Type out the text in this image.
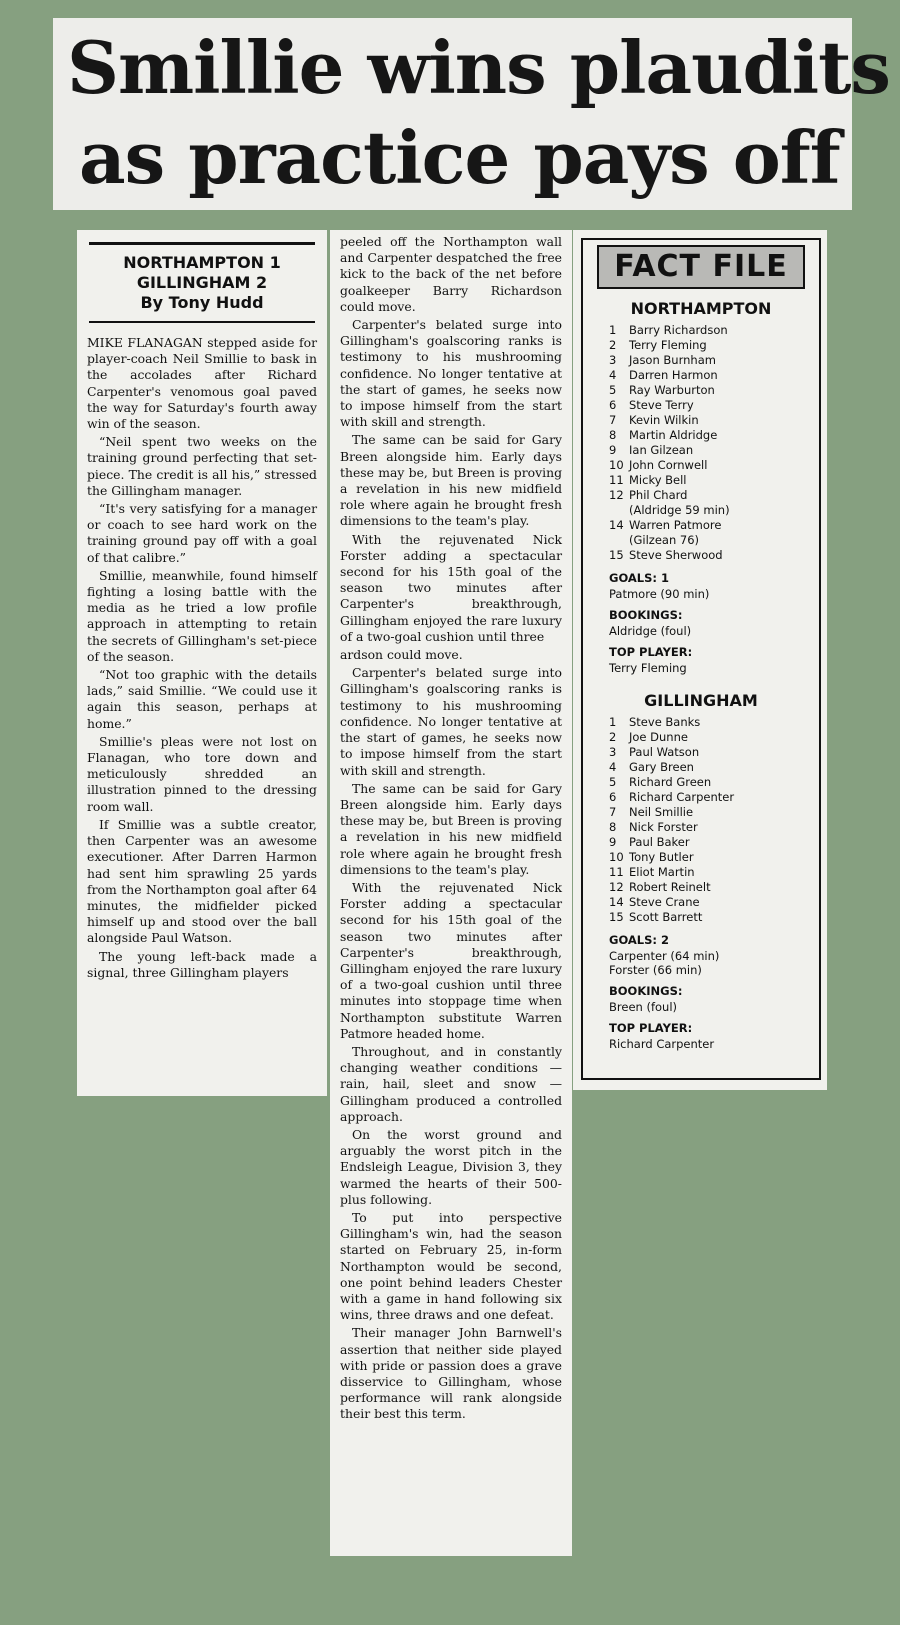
Smillie wins plaudits
as practice pays off
NORTHAMPTON 1
GILLINGHAM 2
By Tony Hudd

MIKE FLANAGAN stepped aside for player-coach Neil Smillie to bask in the accolades after Richard Carpenter's venomous goal paved the way for Saturday's fourth away win of the season.

“Neil spent two weeks on the training ground perfecting that set-piece. The credit is all his,” stressed the Gillingham manager.

“It's very satisfying for a manager or coach to see hard work on the training ground pay off with a goal of that calibre.”

Smillie, meanwhile, found himself fighting a losing battle with the media as he tried a low profile approach in attempting to retain the secrets of Gillingham's set-piece of the season.

“Not too graphic with the details lads,” said Smillie. “We could use it again this season, perhaps at home.”

Smillie's pleas were not lost on Flanagan, who tore down and meticulously shredded an illustration pinned to the dressing room wall.

If Smillie was a subtle creator, then Carpenter was an awesome executioner. After Darren Harmon had sent him sprawling 25 yards from the Northampton goal after 64 minutes, the midfielder picked himself up and stood over the ball alongside Paul Watson.

The young left-back made a signal, three Gillingham players

peeled off the Northampton wall and Carpenter despatched the free kick to the back of the net before goalkeeper Barry Richardson could move.

Carpenter's belated surge into Gillingham's goalscoring ranks is testimony to his mushrooming confidence. No longer tentative at the start of games, he seeks now to impose himself from the start with skill and strength.

The same can be said for Gary Breen alongside him. Early days these may be, but Breen is proving a revelation in his new midfield role where again he brought fresh dimensions to the team's play.

With the rejuvenated Nick Forster adding a spectacular second for his 15th goal of the season two minutes after Carpenter's breakthrough, Gillingham enjoyed the rare luxury of a two-goal cushion until three

ardson could move.

Carpenter's belated surge into Gillingham's goalscoring ranks is testimony to his mushrooming confidence. No longer tentative at the start of games, he seeks now to impose himself from the start with skill and strength.

The same can be said for Gary Breen alongside him. Early days these may be, but Breen is proving a revelation in his new midfield role where again he brought fresh dimensions to the team's play.

With the rejuvenated Nick Forster adding a spectacular second for his 15th goal of the season two minutes after Carpenter's breakthrough, Gillingham enjoyed the rare luxury of a two-goal cushion until three minutes into stoppage time when Northampton substitute Warren Patmore headed home.

Throughout, and in constantly changing weather conditions — rain, hail, sleet and snow — Gillingham produced a controlled approach.

On the worst ground and arguably the worst pitch in the Endsleigh League, Division 3, they warmed the hearts of their 500-plus following.

To put into perspective Gillingham's win, had the season started on February 25, in-form Northampton would be second, one point behind leaders Chester with a game in hand following six wins, three draws and one defeat.

Their manager John Barnwell's assertion that neither side played with pride or passion does a grave disservice to Gillingham, whose performance will rank alongside their best this term.

FACT FILE
NORTHAMPTON
1	Barry Richardson
2	Terry Fleming
3	Jason Burnham
4	Darren Harmon
5	Ray Warburton
6	Steve Terry
7	Kevin Wilkin
8	Martin Aldridge
9	Ian Gilzean
10 John Cornwell
11 Micky Bell
12 Phil Chard
(Aldridge 59 min)
14 Warren Patmore
(Gilzean 76)
15 Steve Sherwood
GOALS: 1
Patmore (90 min)
BOOKINGS:
Aldridge (foul)
TOP PLAYER:
Terry Fleming
GILLINGHAM
1	Steve Banks
2	Joe Dunne
3	Paul Watson
4	Gary Breen
5	Richard Green
6	Richard Carpenter
7	Neil Smillie
8	Nick Forster
9	Paul Baker
10 Tony Butler
11 Eliot Martin
12 Robert Reinelt
14 Steve Crane
15 Scott Barrett
GOALS: 2
Carpenter (64 min)
Forster (66 min)
BOOKINGS:
Breen (foul)
TOP PLAYER:
Richard Carpenter
